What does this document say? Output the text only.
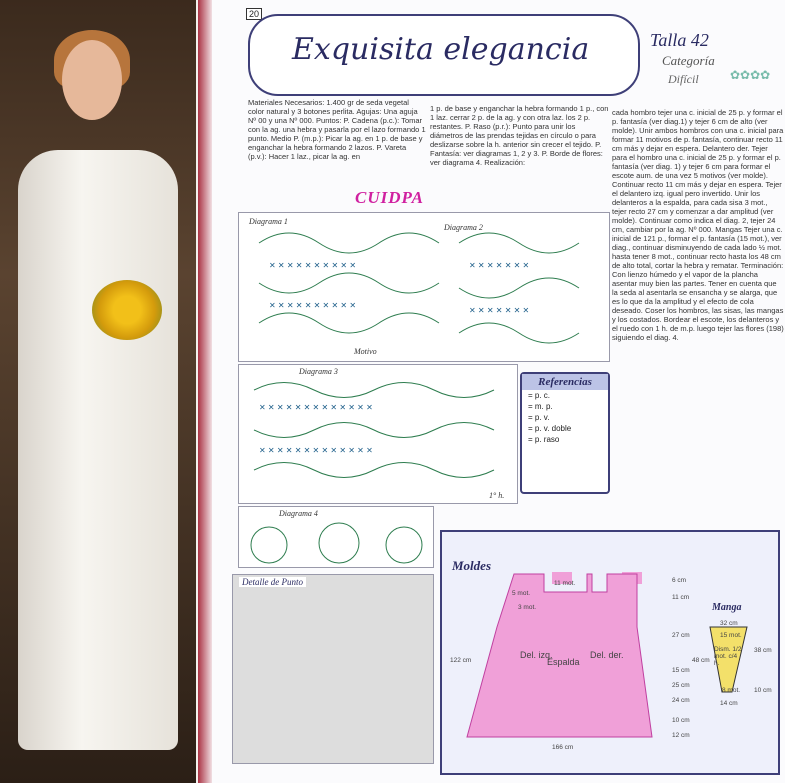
20
Exquisita elegancia	Talla 42
Categoría
Difícil	✿✿✿✿
Materiales Necesarios: 1.400 gr de seda vegetal color natural y 3 botones perlita. Agujas: Una aguja Nº 00 y una Nº 000. Puntos: P. Cadena (p.c.): Tomar con la ag. una hebra y pasarla por el lazo formando 1 punto. Medio P. (m.p.): Picar la ag. en 1 p. de base y enganchar la hebra formando 2 lazos. P. Vareta (p.v.): Hacer 1 laz., picar la ag. en
1 p. de base y enganchar la hebra formando 1 p., con 1 laz. cerrar 2 p. de la ag. y con otra laz. los 2 p. restantes. P. Raso (p.r.): Punto para unir los diámetros de las prendas tejidas en círculo o para deslizarse sobre la h. anterior sin crecer el tejido. P. Fantasía: ver diagramas 1, 2 y 3. P. Borde de flores: ver diagrama 4. Realización:
cada hombro tejer una c. inicial de 25 p. y formar el p. fantasía (ver diag.1) y tejer 6 cm de alto (ver molde). Unir ambos hombros con una c. inicial para formar 11 motivos de p. fantasía, continuar recto 11 cm más y dejar en espera. Delantero der. Tejer para el hombro una c. inicial de 25 p. y formar el p. fantasía (ver diag. 1) y tejer 6 cm para formar el escote aum. de una vez 5 motivos (ver molde). Continuar recto 11 cm más y dejar en espera. Tejer el delantero izq. igual pero invertido. Unir los delanteros a la espalda, para cada sisa 3 mot., tejer recto 27 cm y comenzar a dar amplitud (ver molde). Continuar como indica el diag. 2, tejer 24 cm, cambiar por la ag. Nº 000. Mangas Tejer una c. inicial de 121 p., formar el p. fantasía (15 mot.), ver diag., continuar disminuyendo de cada lado ½ mot. hasta tener 8 mot., continuar recto hasta los 48 cm de alto total, cortar la hebra y rematar. Terminación: Con lienzo húmedo y el vapor de la plancha asentar muy bien las partes. Tener en cuenta que la seda al asentarla se ensancha y se alarga, que es lo que da la amplitud y el efecto de cola deseado. Coser los hombros, las sisas, las mangas y los costados. Bordear el escote, los delanteros y el ruedo con 1 h. de m.p. luego tejer las flores (198) siguiendo el diag. 4.
CUIDPA
✕ ✕ ✕ ✕ ✕ ✕ ✕ ✕ ✕ ✕
✕ ✕ ✕ ✕ ✕ ✕ ✕ ✕ ✕ ✕
✕ ✕ ✕ ✕ ✕ ✕ ✕
✕ ✕ ✕ ✕ ✕ ✕ ✕
Diagrama 1
Diagrama 2
Motivo
✕ ✕ ✕ ✕ ✕ ✕ ✕ ✕ ✕ ✕ ✕ ✕ ✕
✕ ✕ ✕ ✕ ✕ ✕ ✕ ✕ ✕ ✕ ✕ ✕ ✕
Diagrama 3
1° h.
Referencias
= p. c.
= m. p.
= p. v.
= p. v. doble
= p. raso
Diagrama 4
Detalle de Punto
Moldes
Del. izq.
Espalda
Del. der.
6 cm
11 cm
5 mot.
11 mot.
3 mot.
27 cm
122 cm
24 cm
166 cm
10 cm
15 cm
25 cm
12 cm
Manga
32 cm
15 mot.
Dism. 1/2 mot. c/4 h.
8 mot.
14 cm
48 cm
38 cm
10 cm
